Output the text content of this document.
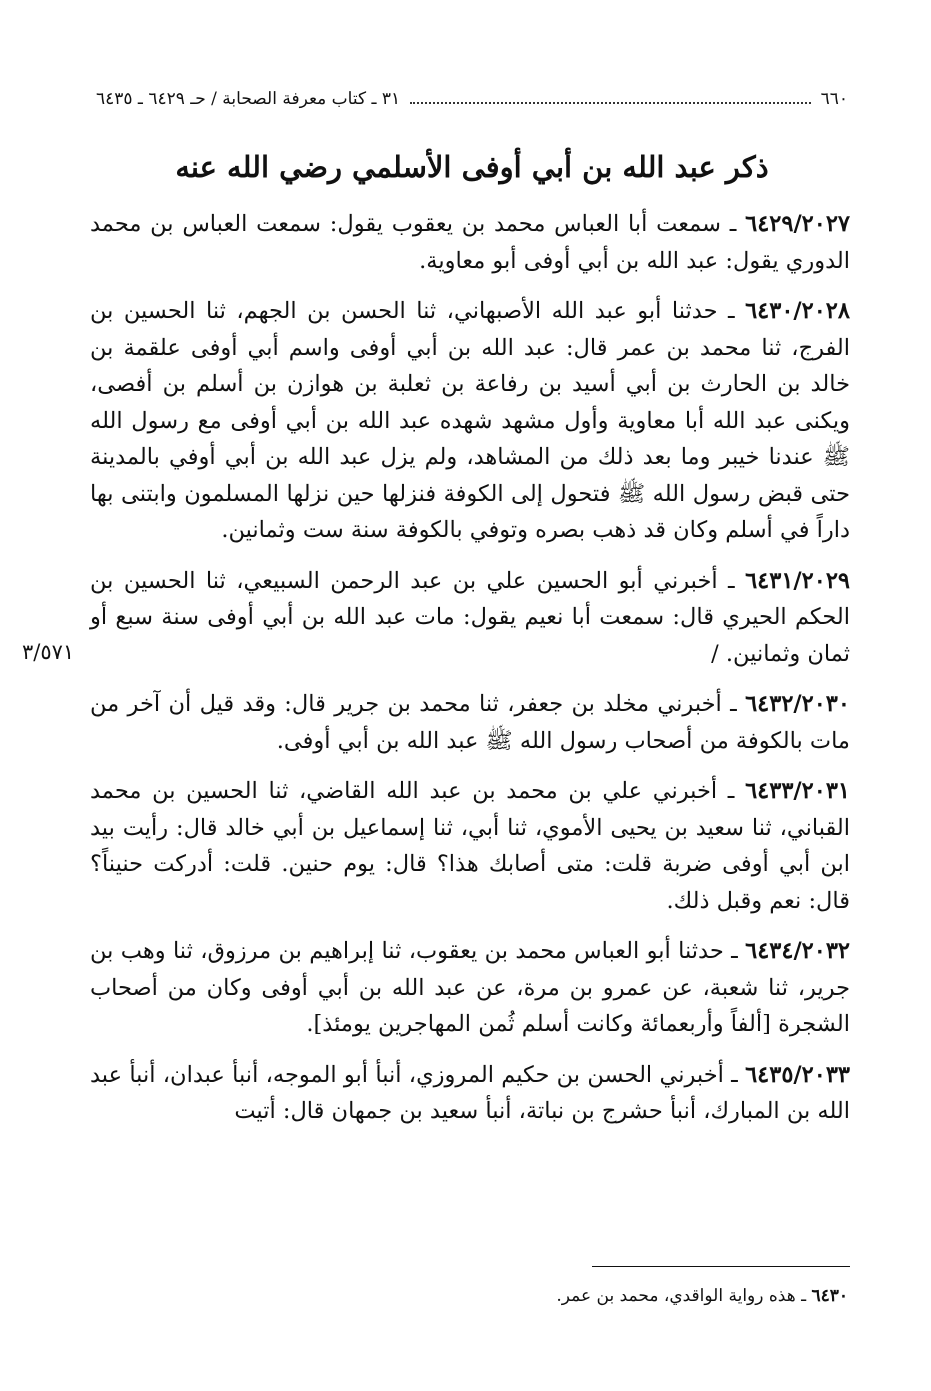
٦٦٠
٣١ ـ كتاب معرفة الصحابة / حـ ٦٤٢٩ ـ ٦٤٣٥
ذكر عبد الله بن أبي أوفى الأسلمي رضي الله عنه

٦٤٢٩/٢٠٢٧ ـ سمعت أبا العباس محمد بن يعقوب يقول: سمعت العباس بن محمد الدوري يقول: عبد الله بن أبي أوفى أبو معاوية.

٦٤٣٠/٢٠٢٨ ـ حدثنا أبو عبد الله الأصبهاني، ثنا الحسن بن الجهم، ثنا الحسين بن الفرج، ثنا محمد بن عمر قال: عبد الله بن أبي أوفى واسم أبي أوفى علقمة بن خالد بن الحارث بن أبي أسيد بن رفاعة بن ثعلبة بن هوازن بن أسلم بن أفصى، ويكنى عبد الله أبا معاوية وأول مشهد شهده عبد الله بن أبي أوفى مع رسول الله ﷺ عندنا خيبر وما بعد ذلك من المشاهد، ولم يزل عبد الله بن أبي أوفي بالمدينة حتى قبض رسول الله ﷺ فتحول إلى الكوفة فنزلها حين نزلها المسلمون وابتنى بها داراً في أسلم وكان قد ذهب بصره وتوفي بالكوفة سنة ست وثمانين.

٦٤٣١/٢٠٢٩ ـ أخبرني أبو الحسين علي بن عبد الرحمن السبيعي، ثنا الحسين بن الحكم الحيري قال: سمعت أبا نعيم يقول: مات عبد الله بن أبي أوفى سنة سبع أو ثمان وثمانين. /
٣/٥٧١

٦٤٣٢/٢٠٣٠ ـ أخبرني مخلد بن جعفر، ثنا محمد بن جرير قال: وقد قيل أن آخر من مات بالكوفة من أصحاب رسول الله ﷺ عبد الله بن أبي أوفى.

٦٤٣٣/٢٠٣١ ـ أخبرني علي بن محمد بن عبد الله القاضي، ثنا الحسين بن محمد القباني، ثنا سعيد بن يحيى الأموي، ثنا أبي، ثنا إسماعيل بن أبي خالد قال: رأيت بيد ابن أبي أوفى ضربة قلت: متى أصابك هذا؟ قال: يوم حنين. قلت: أدركت حنيناً؟ قال: نعم وقبل ذلك.

٦٤٣٤/٢٠٣٢ ـ حدثنا أبو العباس محمد بن يعقوب، ثنا إبراهيم بن مرزوق، ثنا وهب بن جرير، ثنا شعبة، عن عمرو بن مرة، عن عبد الله بن أبي أوفى وكان من أصحاب الشجرة [ألفاً وأربعمائة وكانت أسلم ثُمن المهاجرين يومئذ].

٦٤٣٥/٢٠٣٣ ـ أخبرني الحسن بن حكيم المروزي، أنبأ أبو الموجه، أنبأ عبدان، أنبأ عبد الله بن المبارك، أنبأ حشرج بن نباتة، أنبأ سعيد بن جمهان قال: أتيت

٦٤٣٠ ـ هذه رواية الواقدي، محمد بن عمر.
